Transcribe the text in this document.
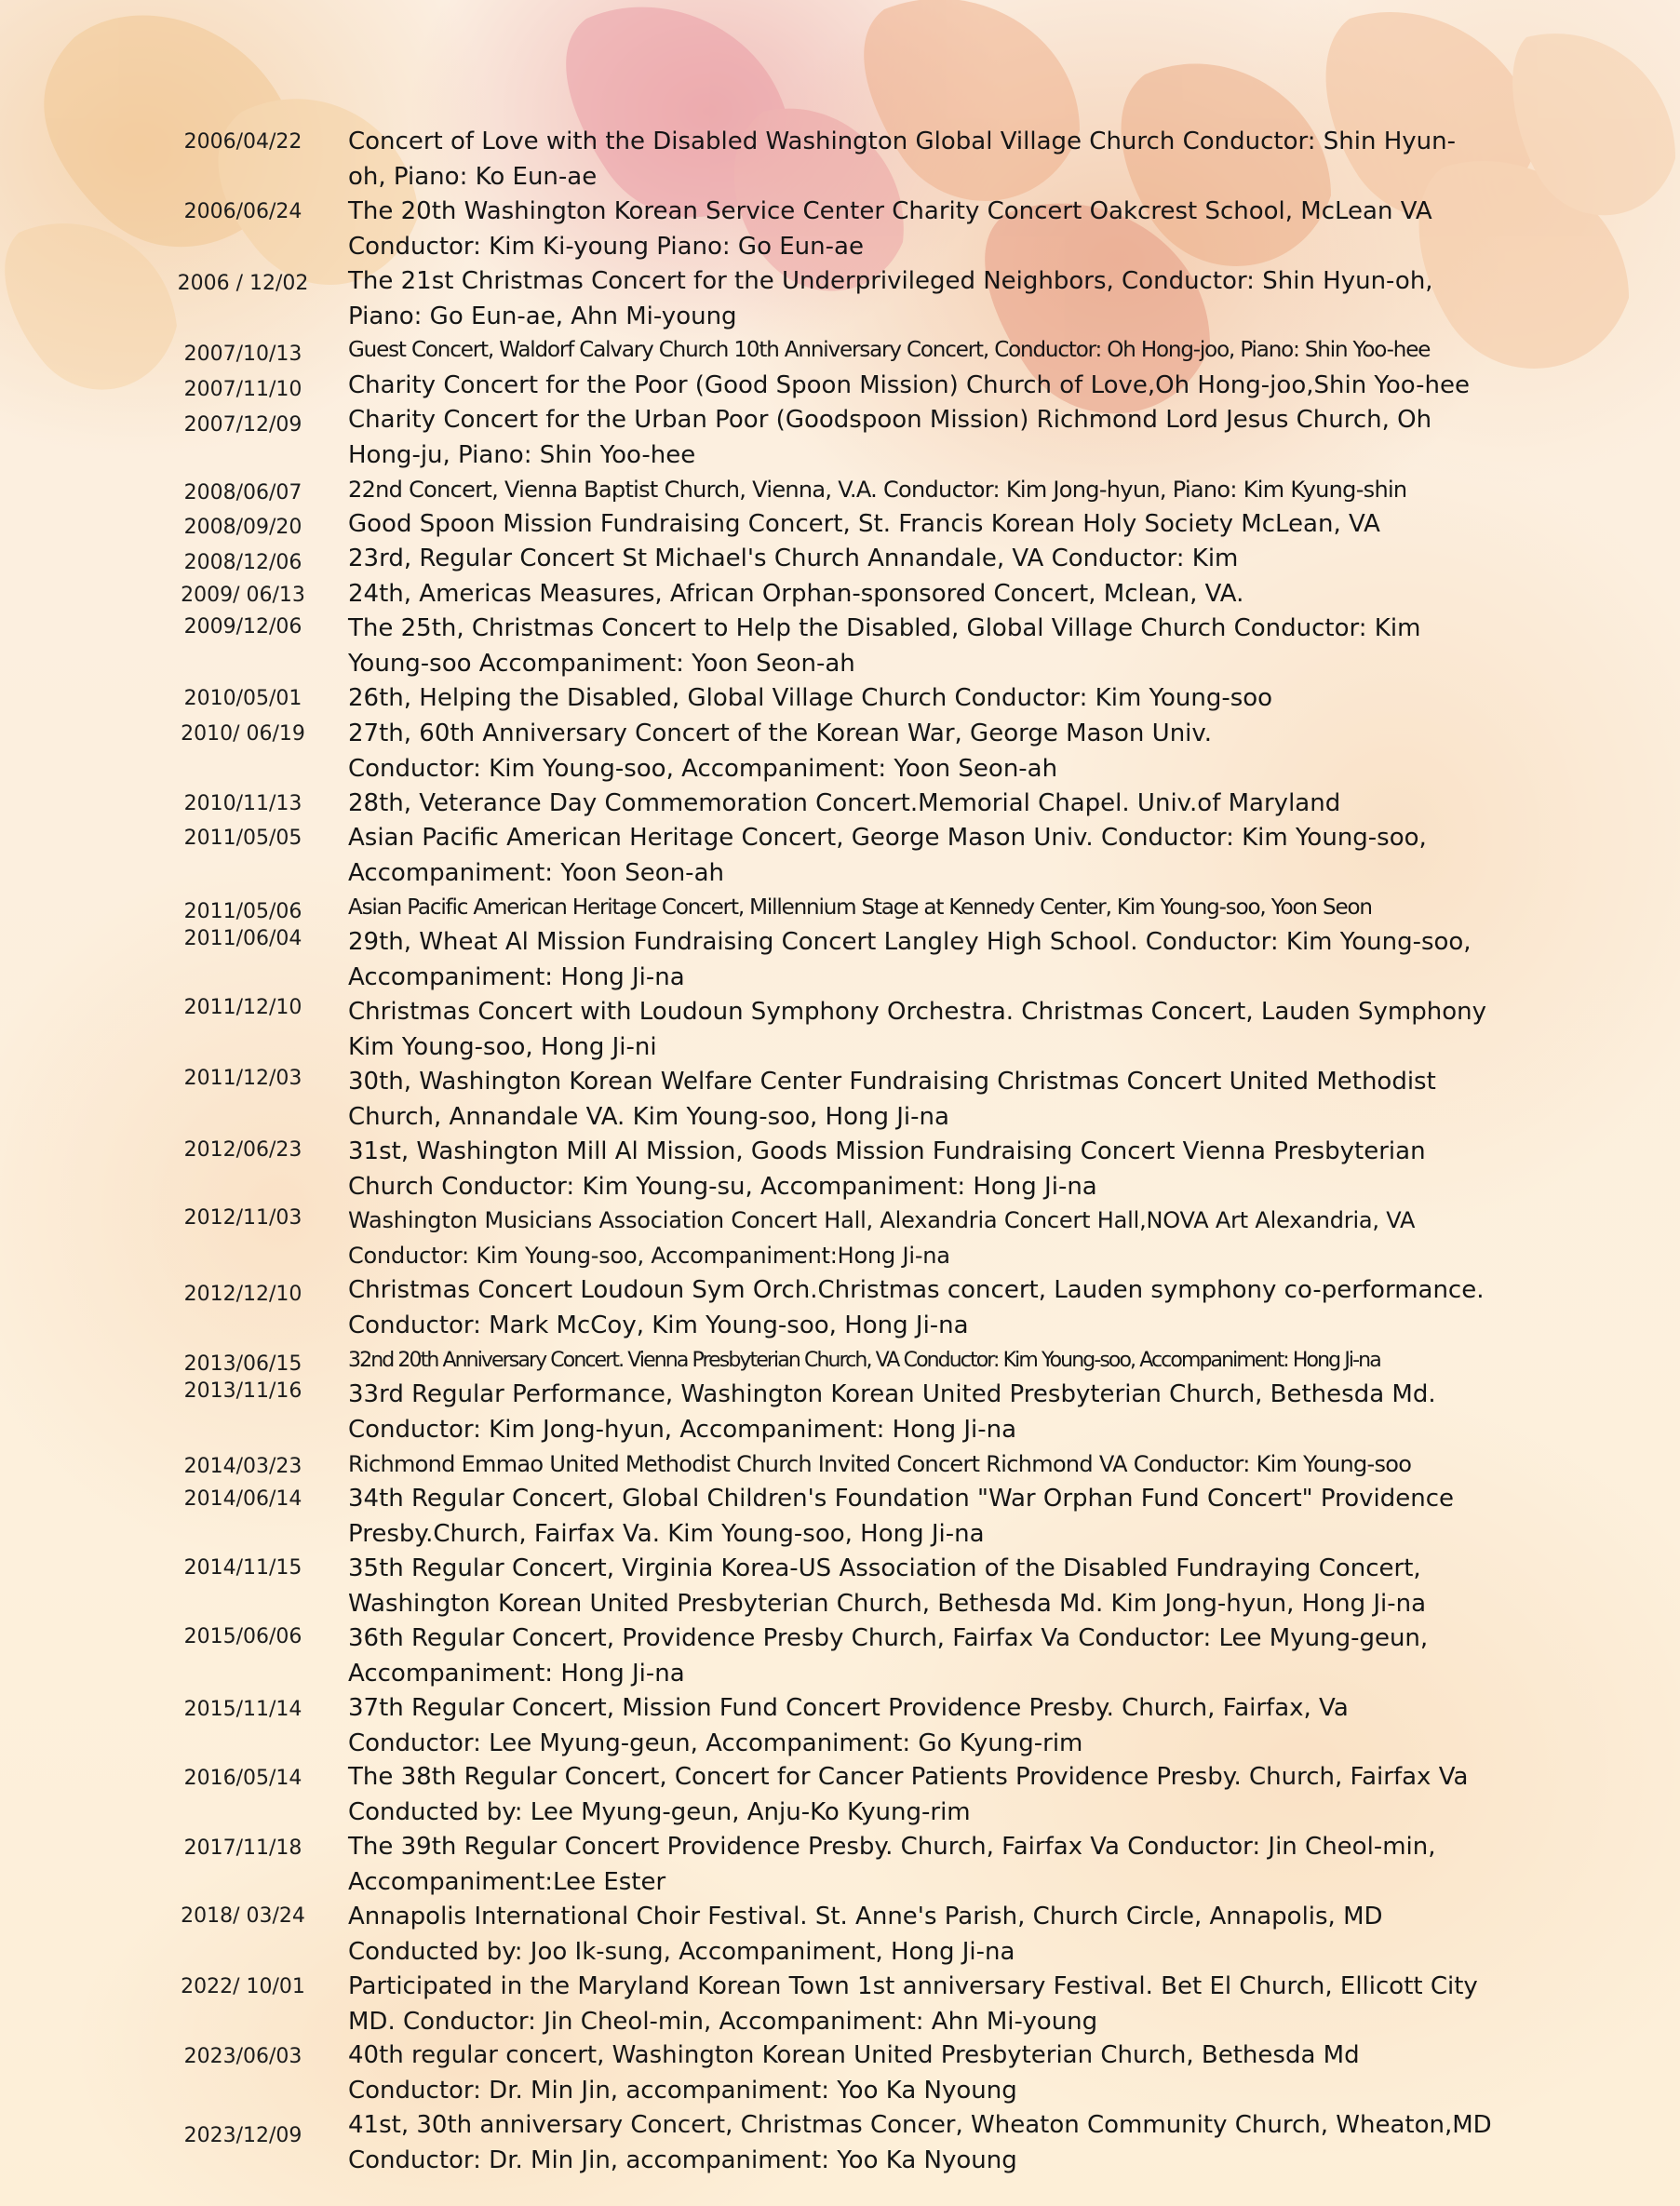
2006/04/22	Concert of Love with the Disabled Washington Global Village Church Conductor: Shin Hyun-
oh, Piano: Ko Eun-ae
2006/06/24	The 20th Washington Korean Service Center Charity Concert Oakcrest School, McLean VA
Conductor: Kim Ki-young Piano: Go Eun-ae
2006 / 12/02	The 21st Christmas Concert for the Underprivileged Neighbors, Conductor: Shin Hyun-oh,
Piano: Go Eun-ae, Ahn Mi-young
2007/10/13	Guest Concert, Waldorf Calvary Church 10th Anniversary Concert, Conductor: Oh Hong-joo, Piano: Shin Yoo-hee
2007/11/10	Charity Concert for the Poor (Good Spoon Mission) Church of Love,Oh Hong-joo,Shin Yoo-hee
2007/12/09	Charity Concert for the Urban Poor (Goodspoon Mission) Richmond Lord Jesus Church, Oh
Hong-ju, Piano: Shin Yoo-hee
2008/06/07	22nd Concert, Vienna Baptist Church, Vienna, V.A. Conductor: Kim Jong-hyun, Piano: Kim Kyung-shin
2008/09/20	Good Spoon Mission Fundraising Concert, St. Francis Korean Holy Society McLean, VA
2008/12/06	23rd, Regular Concert St Michael's Church Annandale, VA Conductor: Kim
2009/ 06/13	24th, Americas Measures, African Orphan-sponsored Concert, Mclean, VA.
2009/12/06	The 25th, Christmas Concert to Help the Disabled, Global Village Church Conductor: Kim
Young-soo Accompaniment: Yoon Seon-ah
2010/05/01	26th, Helping the Disabled, Global Village Church Conductor: Kim Young-soo
2010/ 06/19	27th, 60th Anniversary Concert of the Korean War, George Mason Univ.
Conductor: Kim Young-soo, Accompaniment: Yoon Seon-ah
2010/11/13	28th, Veterance Day Commemoration Concert.Memorial Chapel. Univ.of Maryland
2011/05/05	Asian Pacific American Heritage Concert, George Mason Univ. Conductor: Kim Young-soo,
Accompaniment: Yoon Seon-ah
2011/05/06	Asian Pacific American Heritage Concert, Millennium Stage at Kennedy Center, Kim Young-soo, Yoon Seon
2011/06/04	29th, Wheat Al Mission Fundraising Concert Langley High School. Conductor: Kim Young-soo,
Accompaniment: Hong Ji-na
2011/12/10	Christmas Concert with Loudoun Symphony Orchestra. Christmas Concert, Lauden Symphony
Kim Young-soo, Hong Ji-ni
2011/12/03	30th, Washington Korean Welfare Center Fundraising Christmas Concert United Methodist
Church, Annandale VA. Kim Young-soo, Hong Ji-na
2012/06/23	31st, Washington Mill Al Mission, Goods Mission Fundraising Concert Vienna Presbyterian
Church Conductor: Kim Young-su, Accompaniment: Hong Ji-na
2012/11/03	Washington Musicians Association Concert Hall, Alexandria Concert Hall,NOVA Art Alexandria, VA
Conductor: Kim Young-soo, Accompaniment:Hong Ji-na
2012/12/10	Christmas Concert Loudoun Sym Orch.Christmas concert, Lauden symphony co-performance.
Conductor: Mark McCoy, Kim Young-soo, Hong Ji-na
2013/06/15	32nd 20th Anniversary Concert. Vienna Presbyterian Church, VA Conductor: Kim Young-soo, Accompaniment: Hong Ji-na
2013/11/16	33rd Regular Performance, Washington Korean United Presbyterian Church, Bethesda Md.
Conductor: Kim Jong-hyun, Accompaniment: Hong Ji-na
2014/03/23	Richmond Emmao United Methodist Church Invited Concert Richmond VA Conductor: Kim Young-soo
2014/06/14	34th Regular Concert, Global Children's Foundation "War Orphan Fund Concert" Providence
Presby.Church, Fairfax Va. Kim Young-soo, Hong Ji-na
2014/11/15	35th Regular Concert, Virginia Korea-US Association of the Disabled Fundraying Concert,
Washington Korean United Presbyterian Church, Bethesda Md. Kim Jong-hyun, Hong Ji-na
2015/06/06	36th Regular Concert, Providence Presby Church, Fairfax Va Conductor: Lee Myung-geun,
Accompaniment: Hong Ji-na
2015/11/14	37th Regular Concert, Mission Fund Concert Providence Presby. Church, Fairfax, Va
Conductor: Lee Myung-geun, Accompaniment: Go Kyung-rim
2016/05/14	The 38th Regular Concert, Concert for Cancer Patients Providence Presby. Church, Fairfax Va
Conducted by: Lee Myung-geun, Anju-Ko Kyung-rim
2017/11/18	The 39th Regular Concert Providence Presby. Church, Fairfax Va Conductor: Jin Cheol-min,
Accompaniment:Lee Ester
2018/ 03/24	Annapolis International Choir Festival. St. Anne's Parish, Church Circle, Annapolis, MD
Conducted by: Joo Ik-sung, Accompaniment, Hong Ji-na
2022/ 10/01	Participated in the Maryland Korean Town 1st anniversary Festival. Bet El Church, Ellicott City
MD. Conductor: Jin Cheol-min, Accompaniment: Ahn Mi-young
2023/06/03	40th regular concert, Washington Korean United Presbyterian Church, Bethesda Md
Conductor: Dr. Min Jin, accompaniment: Yoo Ka Nyoung
2023/12/09	41st, 30th anniversary Concert, Christmas Concer, Wheaton Community Church, Wheaton,MD
Conductor: Dr. Min Jin, accompaniment: Yoo Ka Nyoung
